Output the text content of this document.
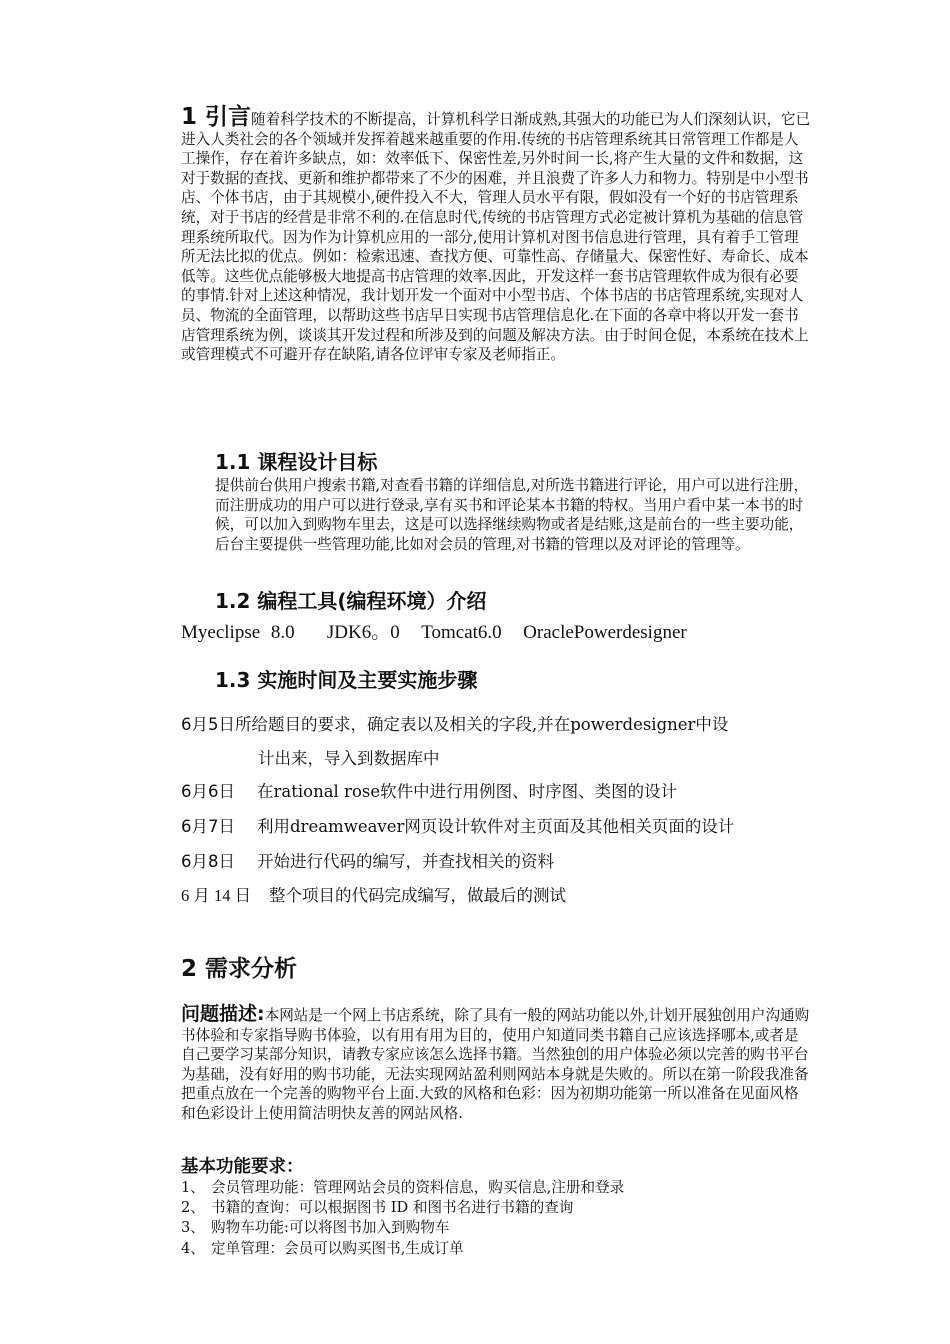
1 引言随着科学技术的不断提高，计算机科学日渐成熟,其强大的功能已为人们深刻认识，它已进入人类社会的各个领域并发挥着越来越重要的作用.传统的书店管理系统其日常管理工作都是人工操作，存在着许多缺点，如：效率低下、保密性差,另外时间一长,将产生大量的文件和数据，这对于数据的查找、更新和维护都带来了不少的困难，并且浪费了许多人力和物力。特别是中小型书店、个体书店，由于其规模小,硬件投入不大，管理人员水平有限，假如没有一个好的书店管理系统，对于书店的经营是非常不利的.在信息时代,传统的书店管理方式必定被计算机为基础的信息管理系统所取代。因为作为计算机应用的一部分,使用计算机对图书信息进行管理，具有着手工管理所无法比拟的优点。例如：检索迅速、查找方便、可靠性高、存储量大、保密性好、寿命长、成本低等。这些优点能够极大地提高书店管理的效率.因此，开发这样一套书店管理软件成为很有必要的事情.针对上述这种情况，我计划开发一个面对中小型书店、个体书店的书店管理系统,实现对人员、物流的全面管理，以帮助这些书店早日实现书店管理信息化.在下面的各章中将以开发一套书店管理系统为例，谈谈其开发过程和所涉及到的问题及解决方法。由于时间仓促，本系统在技术上或管理模式不可避开存在缺陷,请各位评审专家及老师指正。

1.1 课程设计目标

提供前台供用户搜索书籍,对查看书籍的详细信息,对所选书籍进行评论，用户可以进行注册，而注册成功的用户可以进行登录,享有买书和评论某本书籍的特权。当用户看中某一本书的时候，可以加入到购物车里去，这是可以选择继续购物或者是结账,这是前台的一些主要功能，后台主要提供一些管理功能,比如对会员的管理,对书籍的管理以及对评论的管理等。

1.2 编程工具(编程环境）介绍
Myeclipse 8.0   JDK6。0  Tomcat6.0  OraclePowerdesigner
1.3 实施时间及主要实施步骤
6月5日所给题目的要求，确定表以及相关的字段,并在powerdesigner中设
计出来，导入到数据库中
6月6日 在rational rose软件中进行用例图、时序图、类图的设计
6月7日 利用dreamweaver网页设计软件对主页面及其他相关页面的设计
6月8日 开始进行代码的编写，并查找相关的资料
6 月 14 日 整个项目的代码完成编写，做最后的测试
2 需求分析

问题描述:本网站是一个网上书店系统，除了具有一般的网站功能以外,计划开展独创用户沟通购书体验和专家指导购书体验，以有用有用为目的，使用户知道同类书籍自己应该选择哪本,或者是自己要学习某部分知识，请教专家应该怎么选择书籍。当然独创的用户体验必须以完善的购书平台为基础，没有好用的购书功能，无法实现网站盈利则网站本身就是失败的。所以在第一阶段我准备把重点放在一个完善的购物平台上面.大致的风格和色彩：因为初期功能第一所以准备在见面风格和色彩设计上使用简洁明快友善的网站风格.

基本功能要求：
1、 会员管理功能：管理网站会员的资料信息，购买信息,注册和登录
2、 书籍的查询：可以根据图书 ID 和图书名进行书籍的查询
3、 购物车功能:可以将图书加入到购物车
4、 定单管理：会员可以购买图书,生成订单
